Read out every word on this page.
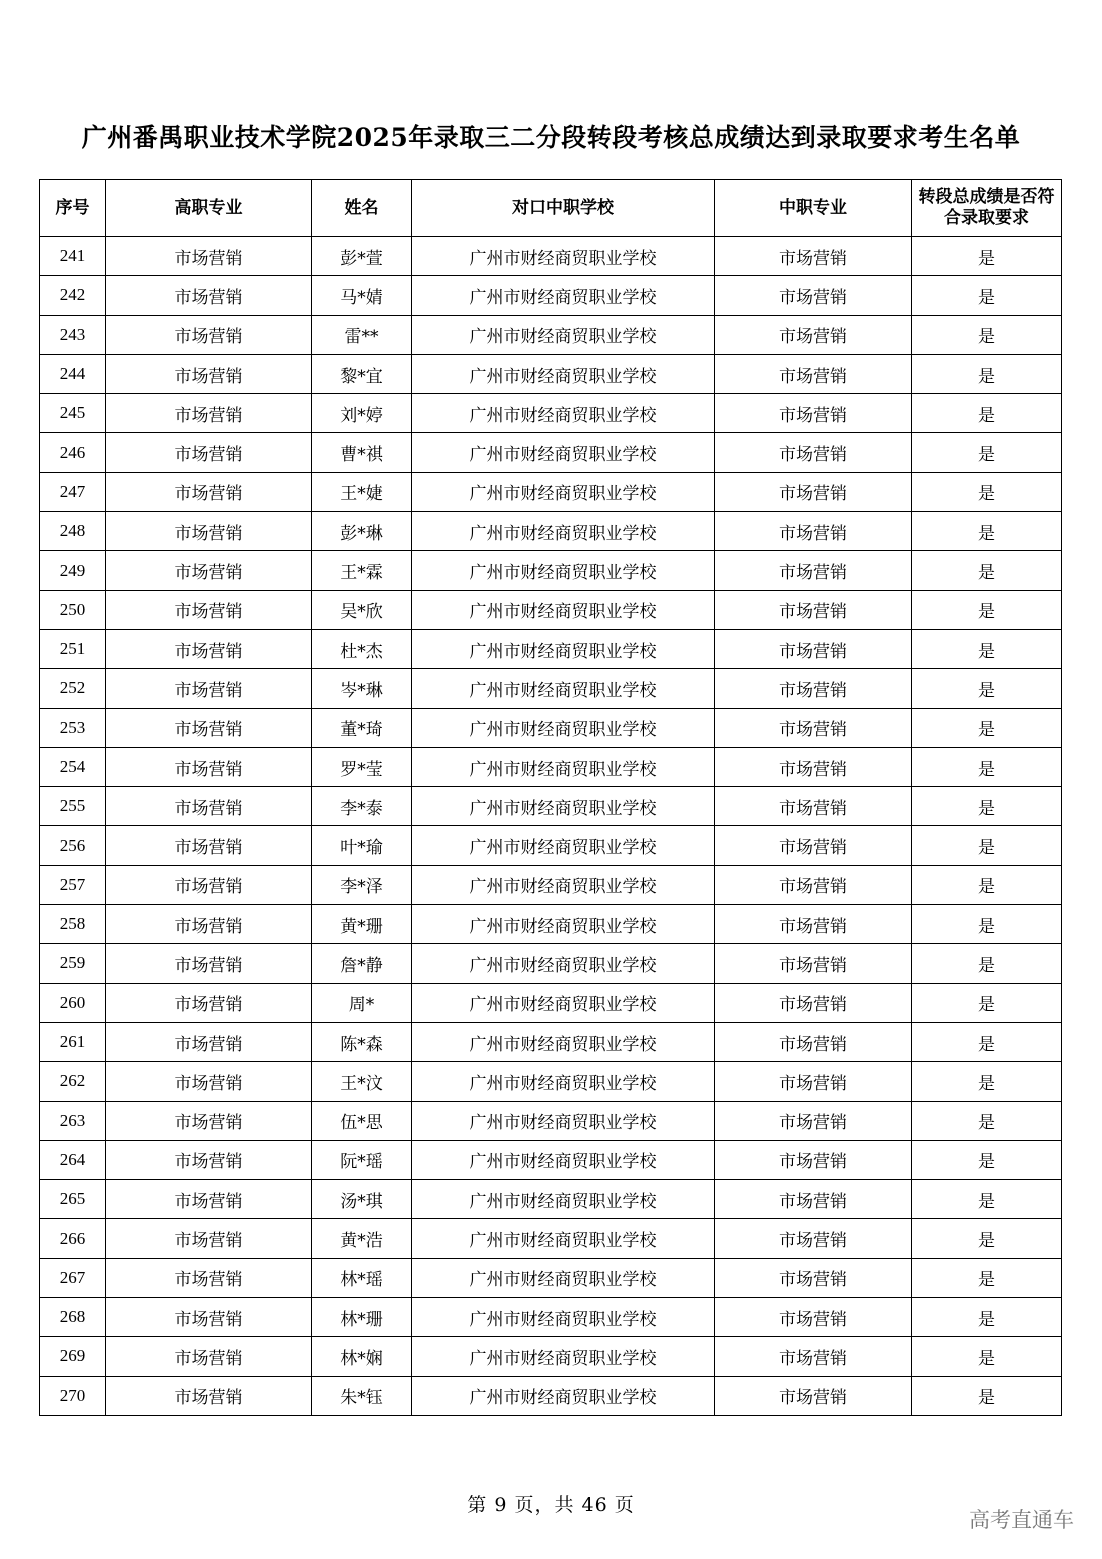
广州番禺职业技术学院2025年录取三二分段转段考核总成绩达到录取要求考生名单
序号	高职专业	姓名	对口中职学校	中职专业	转段总成绩是否符合录取要求
241	市场营销	彭*萱	广州市财经商贸职业学校	市场营销	是
242	市场营销	马*婧	广州市财经商贸职业学校	市场营销	是
243	市场营销	雷**	广州市财经商贸职业学校	市场营销	是
244	市场营销	黎*宜	广州市财经商贸职业学校	市场营销	是
245	市场营销	刘*婷	广州市财经商贸职业学校	市场营销	是
246	市场营销	曹*祺	广州市财经商贸职业学校	市场营销	是
247	市场营销	王*婕	广州市财经商贸职业学校	市场营销	是
248	市场营销	彭*琳	广州市财经商贸职业学校	市场营销	是
249	市场营销	王*霖	广州市财经商贸职业学校	市场营销	是
250	市场营销	吴*欣	广州市财经商贸职业学校	市场营销	是
251	市场营销	杜*杰	广州市财经商贸职业学校	市场营销	是
252	市场营销	岑*琳	广州市财经商贸职业学校	市场营销	是
253	市场营销	董*琦	广州市财经商贸职业学校	市场营销	是
254	市场营销	罗*莹	广州市财经商贸职业学校	市场营销	是
255	市场营销	李*泰	广州市财经商贸职业学校	市场营销	是
256	市场营销	叶*瑜	广州市财经商贸职业学校	市场营销	是
257	市场营销	李*泽	广州市财经商贸职业学校	市场营销	是
258	市场营销	黄*珊	广州市财经商贸职业学校	市场营销	是
259	市场营销	詹*静	广州市财经商贸职业学校	市场营销	是
260	市场营销	周*	广州市财经商贸职业学校	市场营销	是
261	市场营销	陈*森	广州市财经商贸职业学校	市场营销	是
262	市场营销	王*汶	广州市财经商贸职业学校	市场营销	是
263	市场营销	伍*思	广州市财经商贸职业学校	市场营销	是
264	市场营销	阮*瑶	广州市财经商贸职业学校	市场营销	是
265	市场营销	汤*琪	广州市财经商贸职业学校	市场营销	是
266	市场营销	黄*浩	广州市财经商贸职业学校	市场营销	是
267	市场营销	林*瑶	广州市财经商贸职业学校	市场营销	是
268	市场营销	林*珊	广州市财经商贸职业学校	市场营销	是
269	市场营销	林*娴	广州市财经商贸职业学校	市场营销	是
270	市场营销	朱*钰	广州市财经商贸职业学校	市场营销	是
第 9 页，共 46 页
高考直通车
